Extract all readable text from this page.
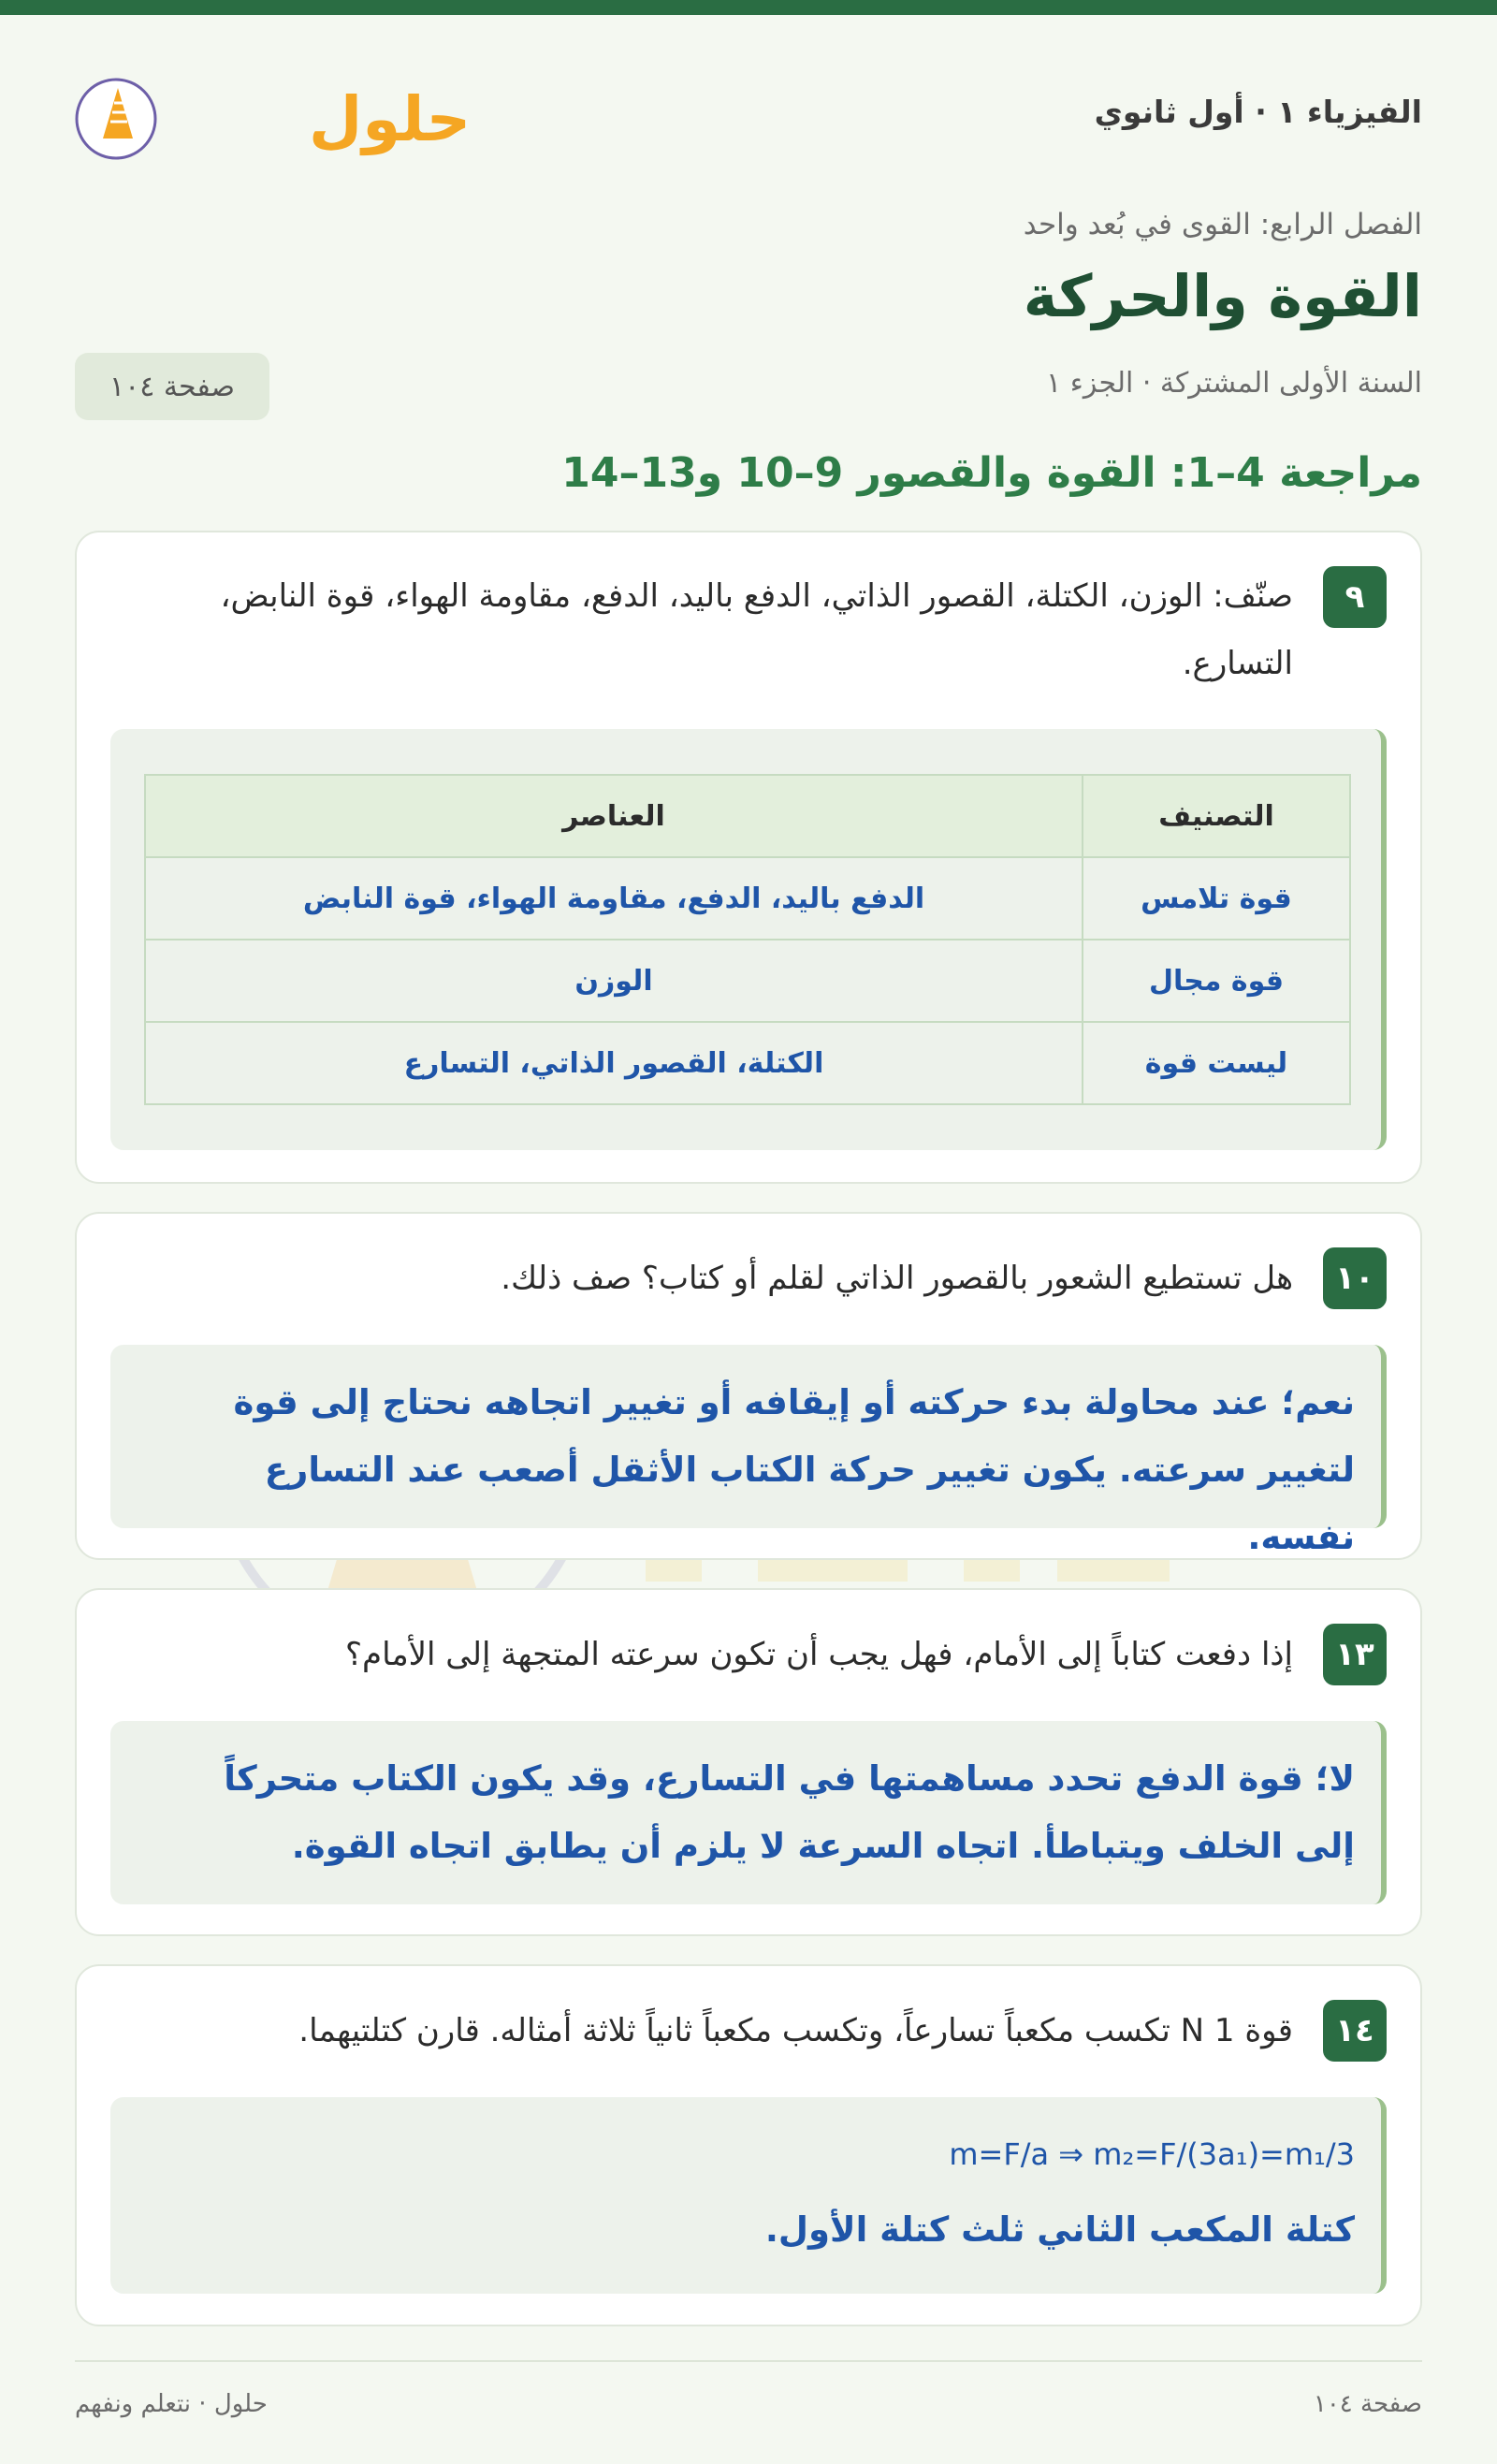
الفيزياء ١ · أول ثانوي
حلول
الفصل الرابع: القوى في بُعد واحد
القوة والحركة
السنة الأولى المشتركة · الجزء ١
صفحة ١٠٤
مراجعة 4–1: القوة والقصور 9–10 و13–14
٩
صنّف: الوزن، الكتلة، القصور الذاتي، الدفع باليد، الدفع، مقاومة الهواء، قوة النابض، التسارع.
التصنيف	العناصر
قوة تلامس	الدفع باليد، الدفع، مقاومة الهواء، قوة النابض
قوة مجال	الوزن
ليست قوة	الكتلة، القصور الذاتي، التسارع
١٠
هل تستطيع الشعور بالقصور الذاتي لقلم أو كتاب؟ صف ذلك.
نعم؛ عند محاولة بدء حركته أو إيقافه أو تغيير اتجاهه نحتاج إلى قوة لتغيير سرعته. يكون تغيير حركة الكتاب الأثقل أصعب عند التسارع نفسه.
١٣
إذا دفعت كتاباً إلى الأمام، فهل يجب أن تكون سرعته المتجهة إلى الأمام؟
لا؛ قوة الدفع تحدد مساهمتها في التسارع، وقد يكون الكتاب متحركاً إلى الخلف ويتباطأ. اتجاه السرعة لا يلزم أن يطابق اتجاه القوة.
١٤
قوة 1 N تكسب مكعباً تسارعاً، وتكسب مكعباً ثانياً ثلاثة أمثاله. قارن كتلتيهما.
m=F/a ⇒ m₂=F/(3a₁)=m₁/3
كتلة المكعب الثاني ثلث كتلة الأول.
صفحة ١٠٤
حلول · نتعلم ونفهم
